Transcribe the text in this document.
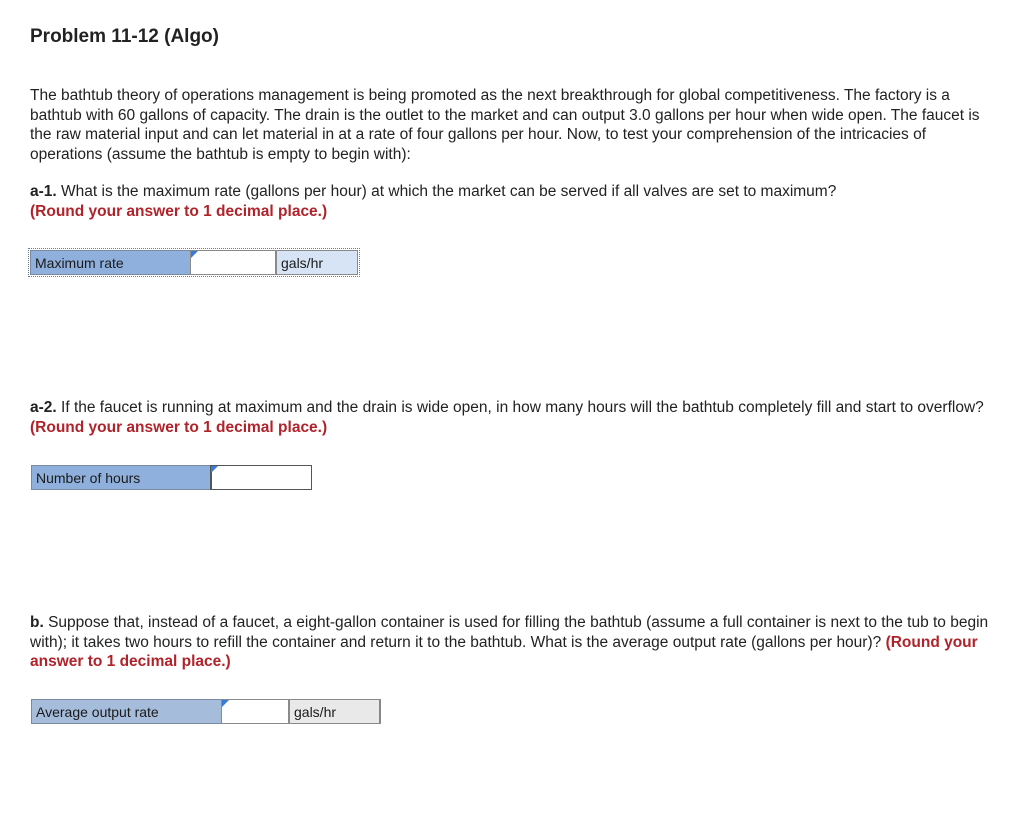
Problem 11-12 (Algo)
The bathtub theory of operations management is being promoted as the next breakthrough for global competitiveness. The factory is a bathtub with 60 gallons of capacity. The drain is the outlet to the market and can output 3.0 gallons per hour when wide open. The faucet is the raw material input and can let material in at a rate of four gallons per hour. Now, to test your comprehension of the intricacies of operations (assume the bathtub is empty to begin with):
a-1. What is the maximum rate (gallons per hour) at which the market can be served if all valves are set to maximum?
(Round your answer to 1 decimal place.)
Maximum rate	gals/hr
a-2. If the faucet is running at maximum and the drain is wide open, in how many hours will the bathtub completely fill and start to overflow? (Round your answer to 1 decimal place.)
Number of hours
b. Suppose that, instead of a faucet, a eight-gallon container is used for filling the bathtub (assume a full container is next to the tub to begin with); it takes two hours to refill the container and return it to the bathtub. What is the average output rate (gallons per hour)? (Round your answer to 1 decimal place.)
Average output rate	gals/hr
